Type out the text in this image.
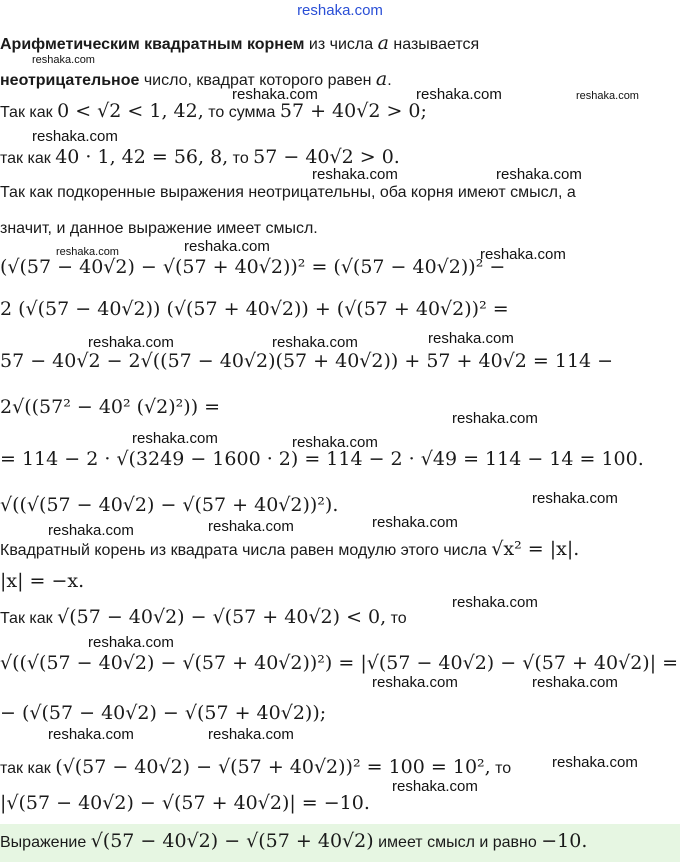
reshaka.com
Арифметическим квадратным корнем из числа a называется
неотрицательное число, квадрат которого равен a.
Так как 0 < √2 < 1, 42, то сумма 57 + 40√2 > 0;
так как 40 · 1, 42 = 56, 8, то 57 − 40√2 > 0.
Так как подкоренные выражения неотрицательны, оба корня имеют смысл, а
значит, и данное выражение имеет смысл.
(√(57 − 40√2) − √(57 + 40√2))² = (√(57 − 40√2))² −
2 (√(57 − 40√2)) (√(57 + 40√2)) + (√(57 + 40√2))² =
57 − 40√2 − 2√((57 − 40√2)(57 + 40√2)) + 57 + 40√2 = 114 −
2√((57² − 40² (√2)²)) =
= 114 − 2 · √(3249 − 1600 · 2) = 114 − 2 · √49 = 114 − 14 = 100.
√((√(57 − 40√2) − √(57 + 40√2))²).
Квадратный корень из квадрата числа равен модулю этого числа √x² = |x|.
|x| = −x.
Так как √(57 − 40√2) − √(57 + 40√2) < 0, то
√((√(57 − 40√2) − √(57 + 40√2))²) = |√(57 − 40√2) − √(57 + 40√2)| =
− (√(57 − 40√2) − √(57 + 40√2));
так как (√(57 − 40√2) − √(57 + 40√2))² = 100 = 10², то
|√(57 − 40√2) − √(57 + 40√2)| = −10.
Выражение √(57 − 40√2) − √(57 + 40√2) имеет смысл и равно −10.
reshaka.com
reshaka.com	reshaka.com	reshaka.com
reshaka.com
reshaka.com	reshaka.com
reshaka.com	reshaka.com	reshaka.com
reshaka.com	reshaka.com	reshaka.com
reshaka.com
reshaka.com	reshaka.com
reshaka.com
reshaka.com
reshaka.com	reshaka.com
reshaka.com
reshaka.com
reshaka.com	reshaka.com
reshaka.com	reshaka.com
reshaka.com
reshaka.com
